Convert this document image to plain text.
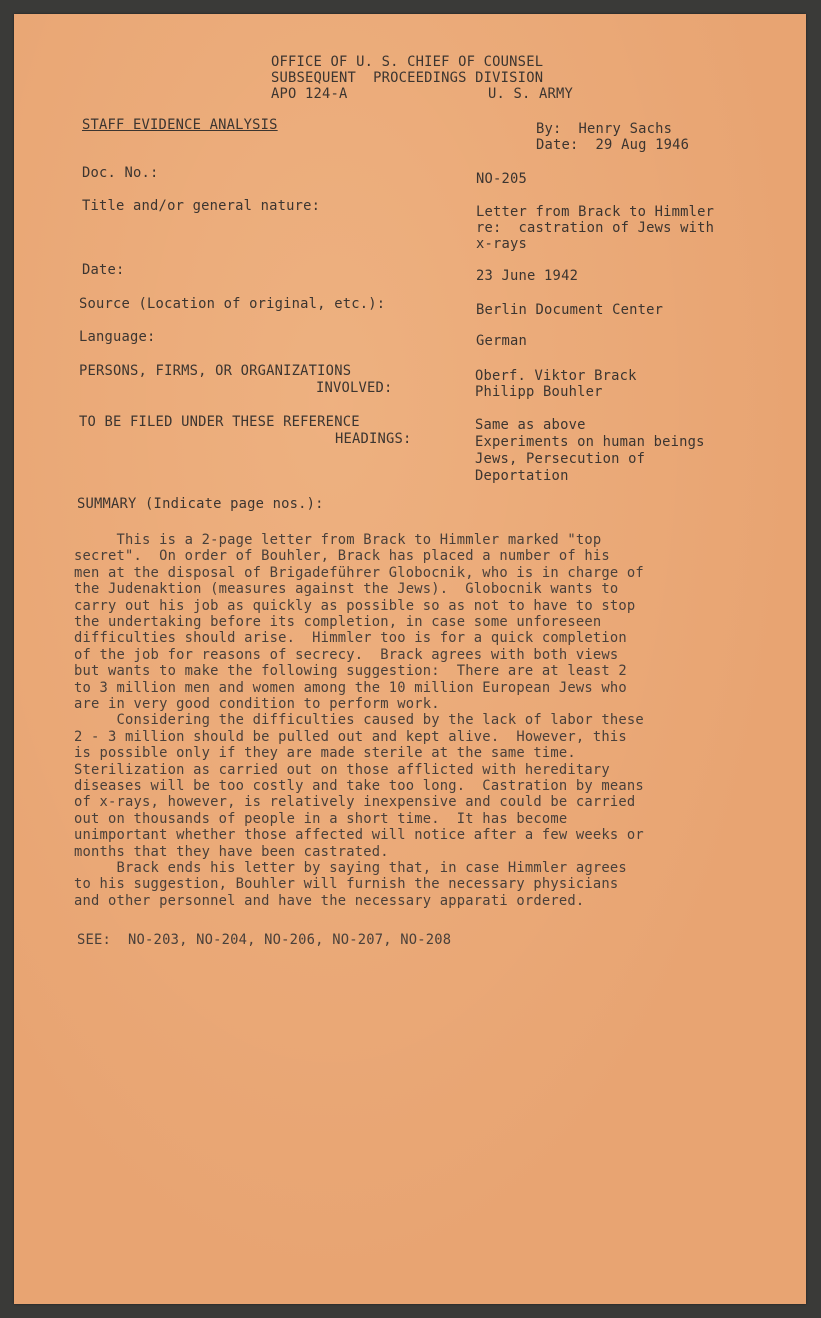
OFFICE OF U. S. CHIEF OF COUNSEL

SUBSEQUENT  PROCEEDINGS DIVISION

APO 124-A	U. S. ARMY

STAFF EVIDENCE ANALYSIS	By:  Henry Sachs

Date:  29 Aug 1946

Doc. No.:	NO-205

Title and/or general nature:	Letter from Brack to Himmler

re:  castration of Jews with

x-rays

Date:	23 June 1942

Source (Location of original, etc.):	Berlin Document Center

Language:	German

PERSONS, FIRMS, OR ORGANIZATIONS

INVOLVED:

Oberf. Viktor Brack

Philipp Bouhler

TO BE FILED UNDER THESE REFERENCE

HEADINGS:

Same as above

Experiments on human beings

Jews, Persecution of

Deportation

SUMMARY (Indicate page nos.):

This is a 2-page letter from Brack to Himmler marked "top

secret".  On order of Bouhler, Brack has placed a number of his

men at the disposal of Brigadeführer Globocnik, who is in charge of

the Judenaktion (measures against the Jews).  Globocnik wants to

carry out his job as quickly as possible so as not to have to stop

the undertaking before its completion, in case some unforeseen

difficulties should arise.  Himmler too is for a quick completion

of the job for reasons of secrecy.  Brack agrees with both views

but wants to make the following suggestion:  There are at least 2

to 3 million men and women among the 10 million European Jews who

are in very good condition to perform work.

Considering the difficulties caused by the lack of labor these

2 - 3 million should be pulled out and kept alive.  However, this

is possible only if they are made sterile at the same time.

Sterilization as carried out on those afflicted with hereditary

diseases will be too costly and take too long.  Castration by means

of x-rays, however, is relatively inexpensive and could be carried

out on thousands of people in a short time.  It has become

unimportant whether those affected will notice after a few weeks or

months that they have been castrated.

Brack ends his letter by saying that, in case Himmler agrees

to his suggestion, Bouhler will furnish the necessary physicians

and other personnel and have the necessary apparati ordered.

SEE:  NO-203, NO-204, NO-206, NO-207, NO-208
